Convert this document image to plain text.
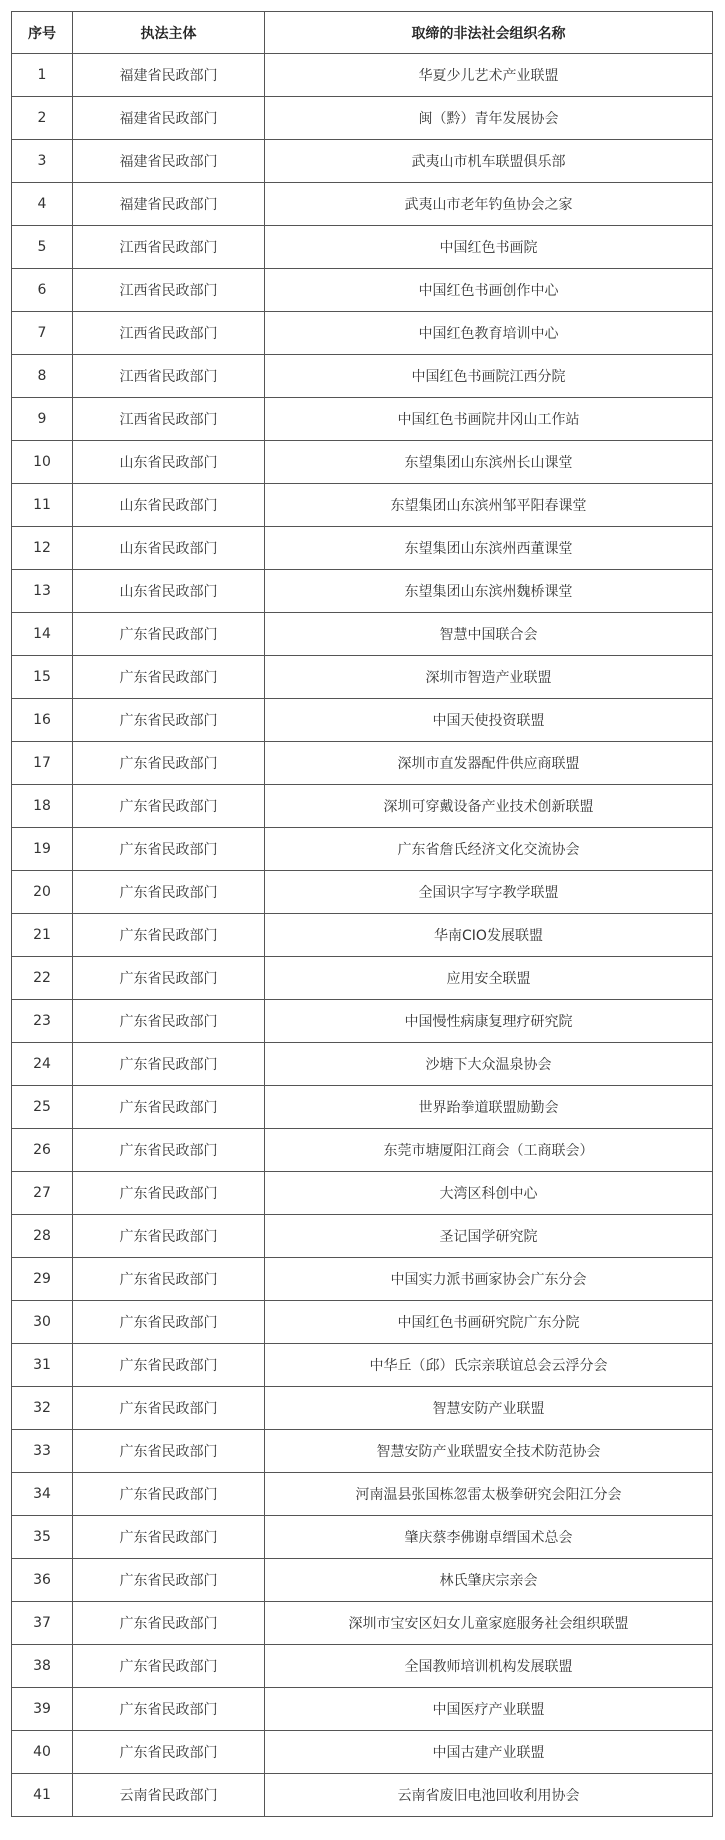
序号	执法主体	取缔的非法社会组织名称
1	福建省民政部门	华夏少儿艺术产业联盟
2	福建省民政部门	闽（黔）青年发展协会
3	福建省民政部门	武夷山市机车联盟俱乐部
4	福建省民政部门	武夷山市老年钓鱼协会之家
5	江西省民政部门	中国红色书画院
6	江西省民政部门	中国红色书画创作中心
7	江西省民政部门	中国红色教育培训中心
8	江西省民政部门	中国红色书画院江西分院
9	江西省民政部门	中国红色书画院井冈山工作站
10	山东省民政部门	东望集团山东滨州长山课堂
11	山东省民政部门	东望集团山东滨州邹平阳春课堂
12	山东省民政部门	东望集团山东滨州西董课堂
13	山东省民政部门	东望集团山东滨州魏桥课堂
14	广东省民政部门	智慧中国联合会
15	广东省民政部门	深圳市智造产业联盟
16	广东省民政部门	中国天使投资联盟
17	广东省民政部门	深圳市直发器配件供应商联盟
18	广东省民政部门	深圳可穿戴设备产业技术创新联盟
19	广东省民政部门	广东省詹氏经济文化交流协会
20	广东省民政部门	全国识字写字教学联盟
21	广东省民政部门	华南CIO发展联盟
22	广东省民政部门	应用安全联盟
23	广东省民政部门	中国慢性病康复理疗研究院
24	广东省民政部门	沙塘下大众温泉协会
25	广东省民政部门	世界跆拳道联盟励勤会
26	广东省民政部门	东莞市塘厦阳江商会（工商联会）
27	广东省民政部门	大湾区科创中心
28	广东省民政部门	圣记国学研究院
29	广东省民政部门	中国实力派书画家协会广东分会
30	广东省民政部门	中国红色书画研究院广东分院
31	广东省民政部门	中华丘（邱）氏宗亲联谊总会云浮分会
32	广东省民政部门	智慧安防产业联盟
33	广东省民政部门	智慧安防产业联盟安全技术防范协会
34	广东省民政部门	河南温县张国栋忽雷太极拳研究会阳江分会
35	广东省民政部门	肇庆蔡李佛谢卓缙国术总会
36	广东省民政部门	林氏肇庆宗亲会
37	广东省民政部门	深圳市宝安区妇女儿童家庭服务社会组织联盟
38	广东省民政部门	全国教师培训机构发展联盟
39	广东省民政部门	中国医疗产业联盟
40	广东省民政部门	中国古建产业联盟
41	云南省民政部门	云南省废旧电池回收利用协会
